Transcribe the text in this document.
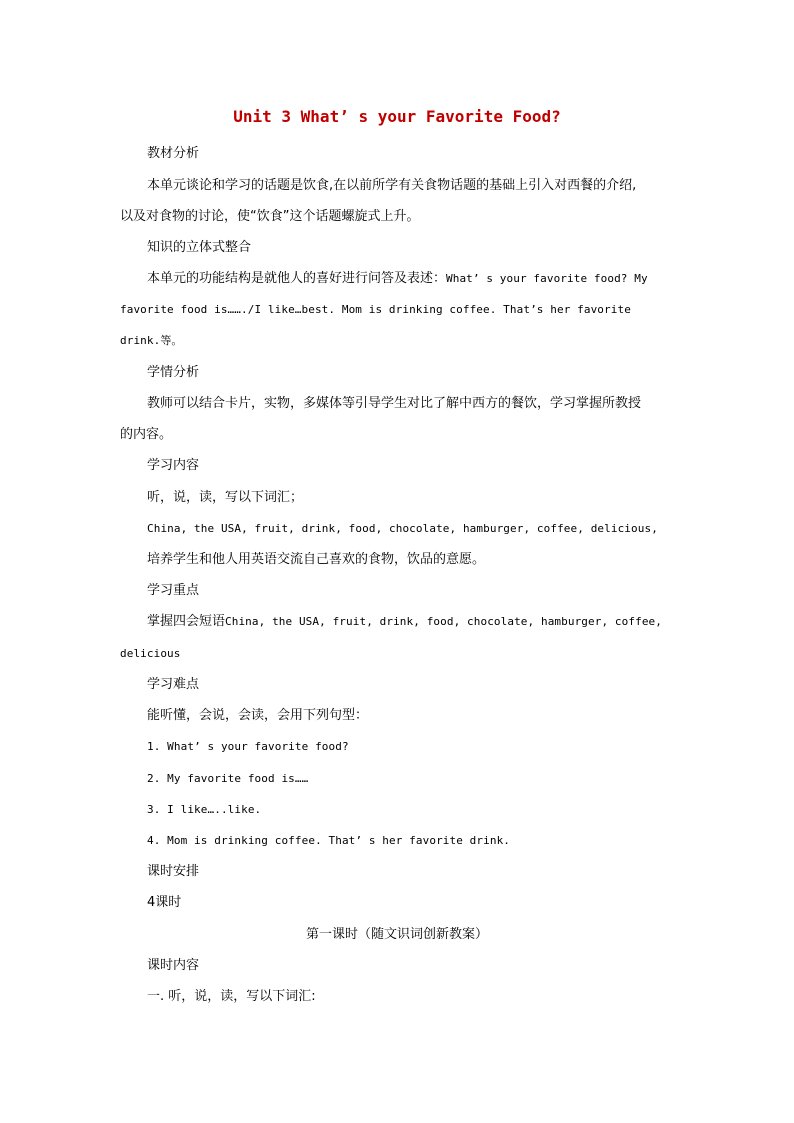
Unit 3 What’ s your Favorite Food?
教材分析
本单元谈论和学习的话题是饮食,在以前所学有关食物话题的基础上引入对西餐的介绍,
以及对食物的讨论，使“饮食”这个话题螺旋式上升。
知识的立体式整合
本单元的功能结构是就他人的喜好进行问答及表述：What’ s your favorite food? My
favorite food is……./I like…best. Mom is drinking coffee. That’s her favorite
drink.等。
学情分析
教师可以结合卡片，实物，多媒体等引导学生对比了解中西方的餐饮，学习掌握所教授
的内容。
学习内容
听，说，读，写以下词汇；
China, the USA, fruit, drink, food, chocolate, hamburger, coffee, delicious,
培养学生和他人用英语交流自己喜欢的食物，饮品的意愿。
学习重点
掌握四会短语China, the USA, fruit, drink, food, chocolate, hamburger, coffee,
delicious
学习难点
能听懂，会说，会读，会用下列句型：
1. What’ s your favorite food?
2. My favorite food is……
3. I like…..like.
4. Mom is drinking coffee. That’ s her favorite drink.
课时安排
4课时
第一课时（随文识词创新教案）
课时内容
一. 听，说，读，写以下词汇:
